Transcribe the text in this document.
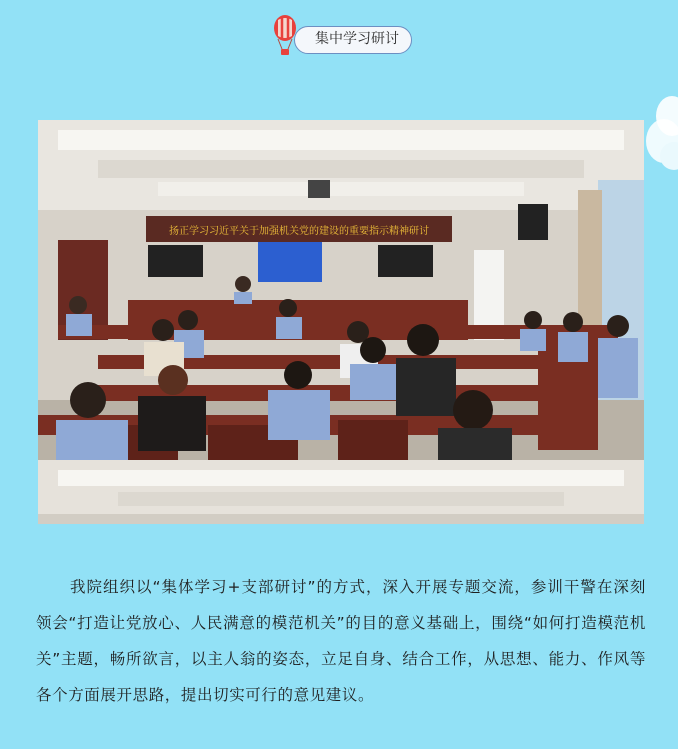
集中学习研讨
扬正学习习近平关于加强机关党的建设的重要指示精神研讨
我院组织以“集体学习+支部研讨”的方式，深入开展专题交流，参训干警在深刻领会“打造让党放心、人民满意的模范机关”的目的意义基础上，围绕“如何打造模范机关”主题，畅所欲言，以主人翁的姿态，立足自身、结合工作，从思想、能力、作风等各个方面展开思路，提出切实可行的意见建议。
